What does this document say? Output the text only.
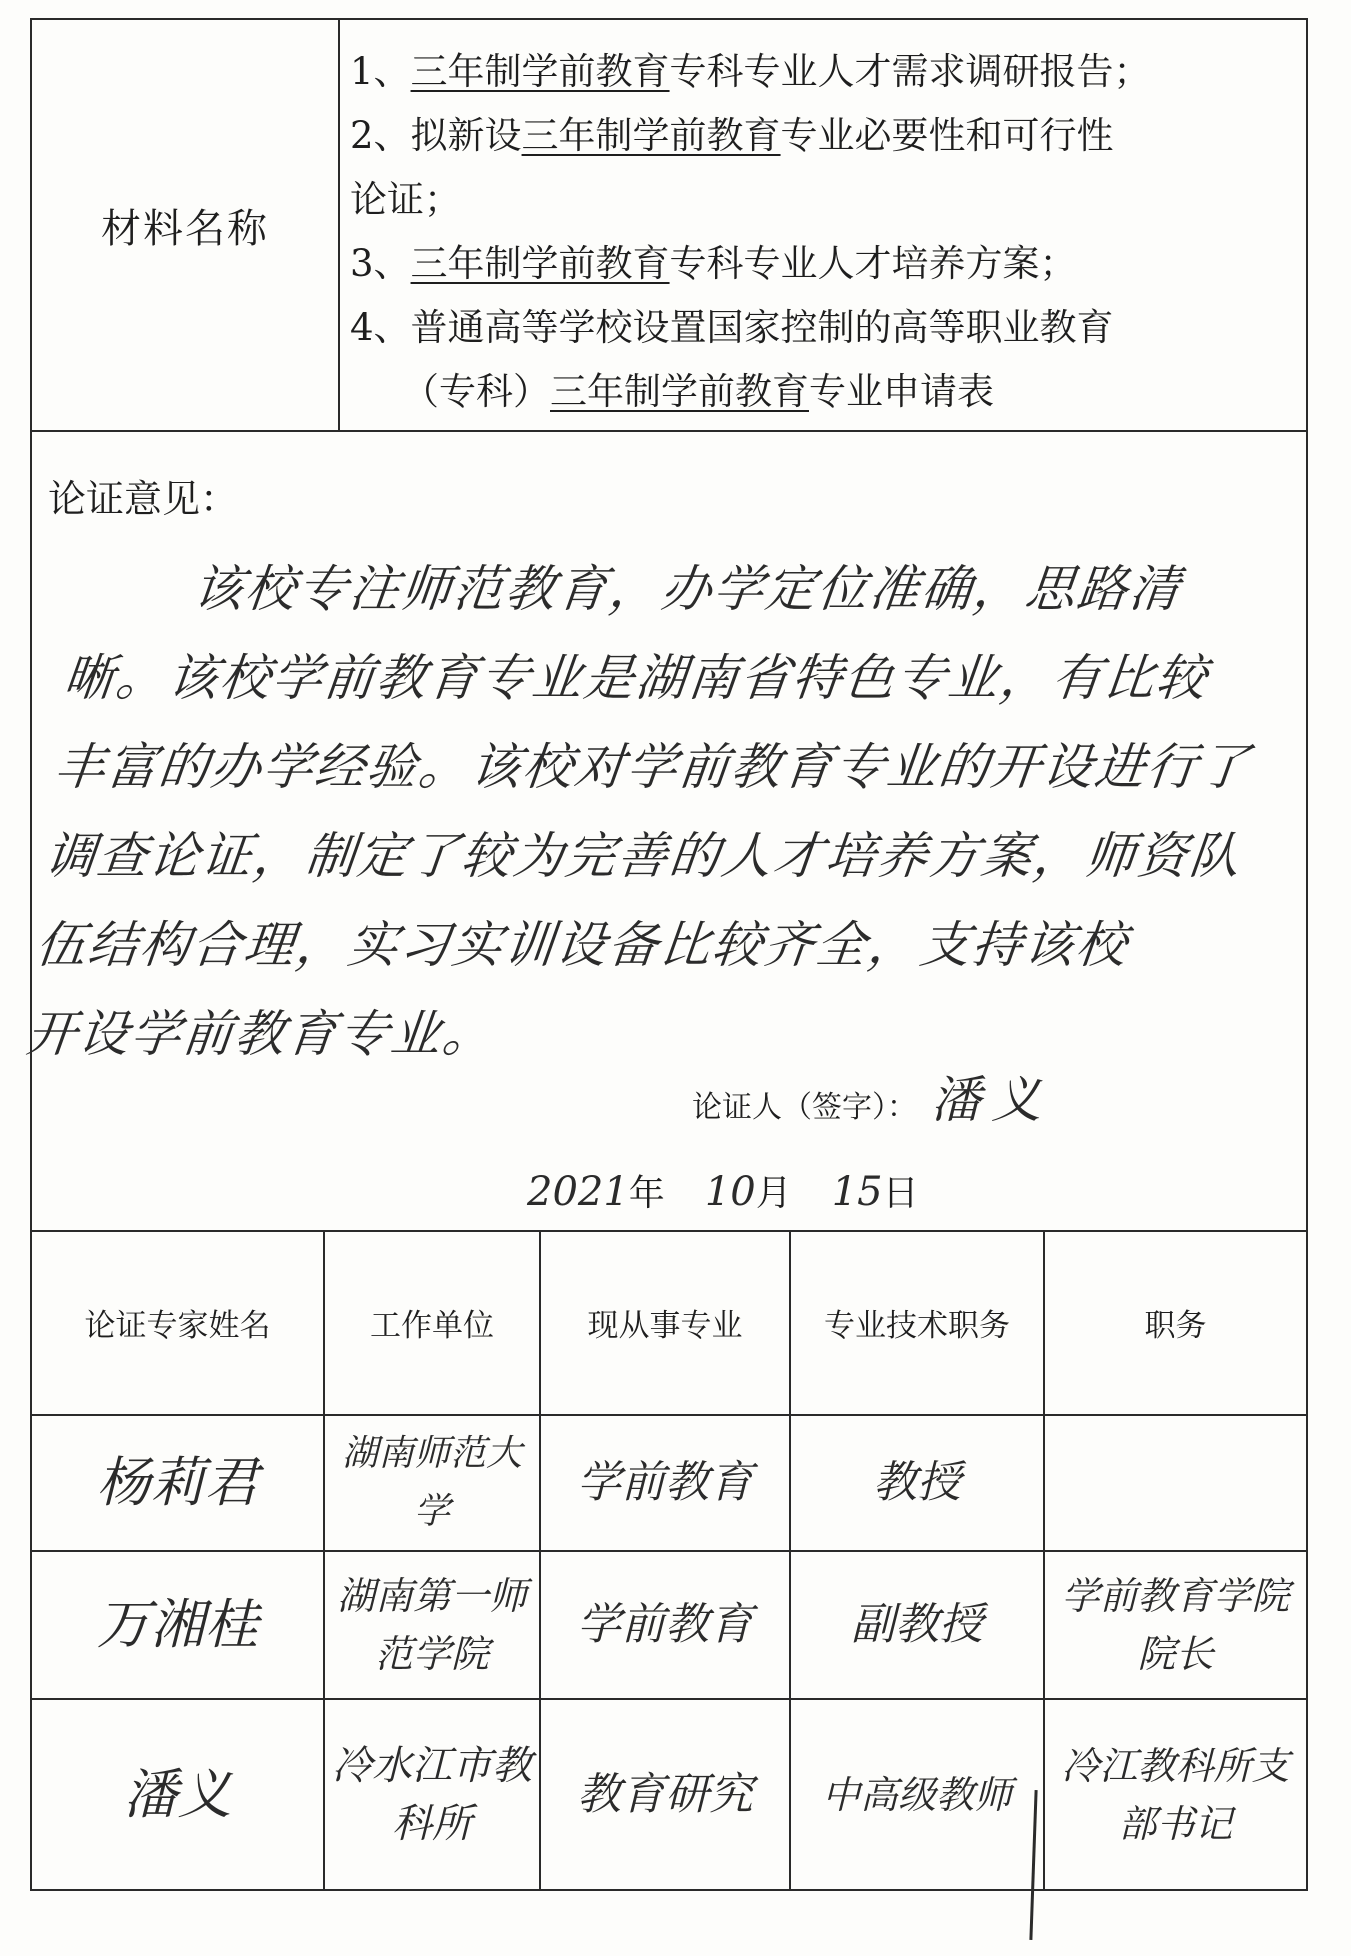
材料名称
1、三年制学前教育专科专业人才需求调研报告；
2、拟新设三年制学前教育专业必要性和可行性
论证；
3、三年制学前教育专科专业人才培养方案；
4、普通高等学校设置国家控制的高等职业教育
（专科）三年制学前教育专业申请表
论证意见：
该校专注师范教育，办学定位准确，思路清
晰。该校学前教育专业是湖南省特色专业，有比较
丰富的办学经验。该校对学前教育专业的开设进行了
调查论证，制定了较为完善的人才培养方案，师资队
伍结构合理，实习实训设备比较齐全，支持该校
开设学前教育专业。
论证人（签字）： 潘义
2021年 10月 15日
论证专家姓名	工作单位	现从事专业	专业技术职务	职务
杨莉君	湖南师范大学	学前教育	教授	
万湘桂	湖南第一师范学院	学前教育	副教授	学前教育学院院长
潘义	冷水江市教科所	教育研究	中高级教师	冷江教科所支部书记
